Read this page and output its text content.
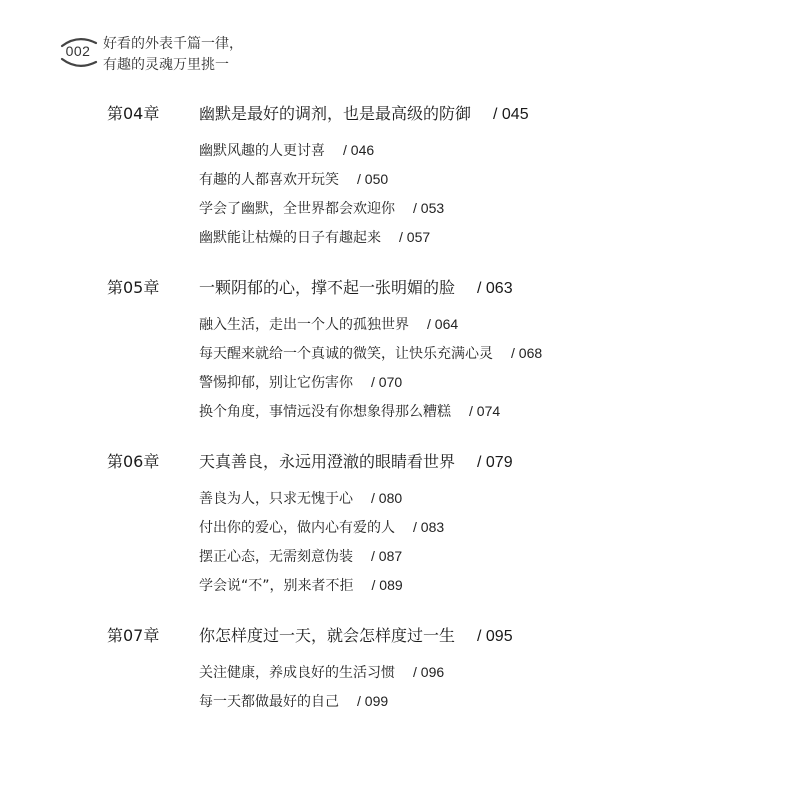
002 好看的外表千篇一律，
有趣的灵魂万里挑一
第04章	幽默是最好的调剂，也是最高级的防御 / 045
幽默风趣的人更讨喜 / 046
有趣的人都喜欢开玩笑 / 050
学会了幽默，全世界都会欢迎你 / 053
幽默能让枯燥的日子有趣起来 / 057
第05章	一颗阴郁的心，撑不起一张明媚的脸 / 063
融入生活，走出一个人的孤独世界 / 064
每天醒来就给一个真诚的微笑，让快乐充满心灵 / 068
警惕抑郁，别让它伤害你 / 070
换个角度，事情远没有你想象得那么糟糕 / 074
第06章	天真善良，永远用澄澈的眼睛看世界 / 079
善良为人，只求无愧于心 / 080
付出你的爱心，做内心有爱的人 / 083
摆正心态，无需刻意伪装 / 087
学会说“不”，别来者不拒 / 089
第07章	你怎样度过一天，就会怎样度过一生 / 095
关注健康，养成良好的生活习惯 / 096
每一天都做最好的自己 / 099
